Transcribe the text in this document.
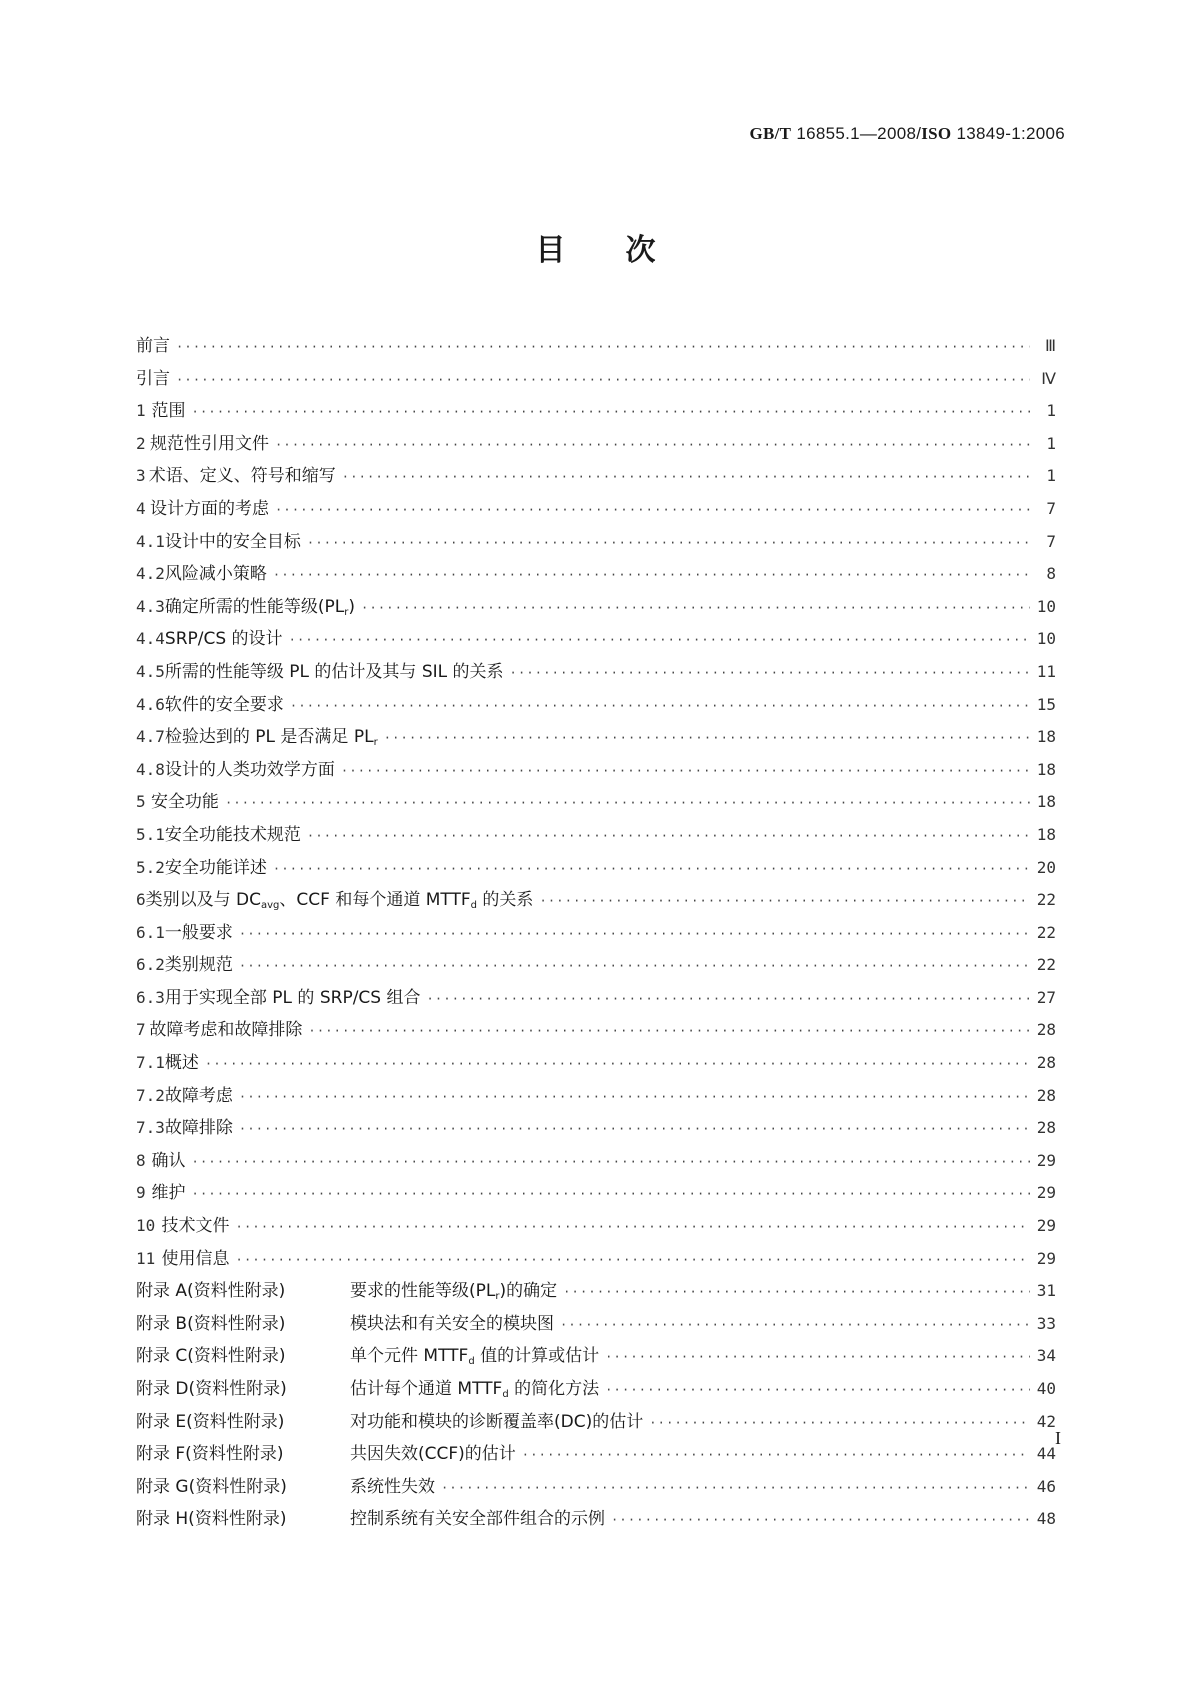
GB/T 16855.1—2008/ISO 13849-1:2006
目次
前言 ·····	Ⅲ
引言 ·····	Ⅳ
1 范围 ·····	1
2 规范性引用文件 ·····	1
3 术语、定义、符号和缩写 ·····	1
4 设计方面的考虑 ·····	7
4.1 设计中的安全目标 ·····	7
4.2 风险减小策略 ·····	8
4.3 确定所需的性能等级$(PL_r)$ ·····	10
4.4 SRP/CS 的设计 ·····	10
4.5 所需的性能等级 PL 的估计及其与 SIL 的关系 ·····	11
4.6 软件的安全要求 ·····	15
4.7 检验达到的 PL 是否满足 $PL_r$ ·····	18
4.8 设计的人类功效学方面 ·····	18
5 安全功能 ·····	18
5.1 安全功能技术规范 ·····	18
5.2 安全功能详述 ·····	20
6 类别以及与 $DC_{avg}$、CCF 和每个通道 $MTTF_d$ 的关系 ·····	22
6.1 一般要求 ·····	22
6.2 类别规范 ·····	22
6.3 用于实现全部 PL 的 SRP/CS 组合 ·····	27
7 故障考虑和故障排除 ·····	28
7.1 概述 ·····	28
7.2 故障考虑 ·····	28
7.3 故障排除 ·····	28
8 确认 ·····	29
9 维护 ·····	29
10 技术文件 ·····	29
11 使用信息 ·····	29
附录 A(资料性附录)	要求的性能等级$(PL_r)$的确定 ·····	31
附录 B(资料性附录)	模块法和有关安全的模块图 ·····	33
附录 C(资料性附录)	单个元件 $MTTF_d$ 值的计算或估计 ·····	34
附录 D(资料性附录)	估计每个通道 $MTTF_d$ 的简化方法 ·····	40
附录 E(资料性附录)	对功能和模块的诊断覆盖率(DC)的估计 ·····	42
附录 F(资料性附录)	共因失效(CCF)的估计 ·····	44
附录 G(资料性附录)	系统性失效 ·····	46
附录 H(资料性附录)	控制系统有关安全部件组合的示例 ·····	48
I
